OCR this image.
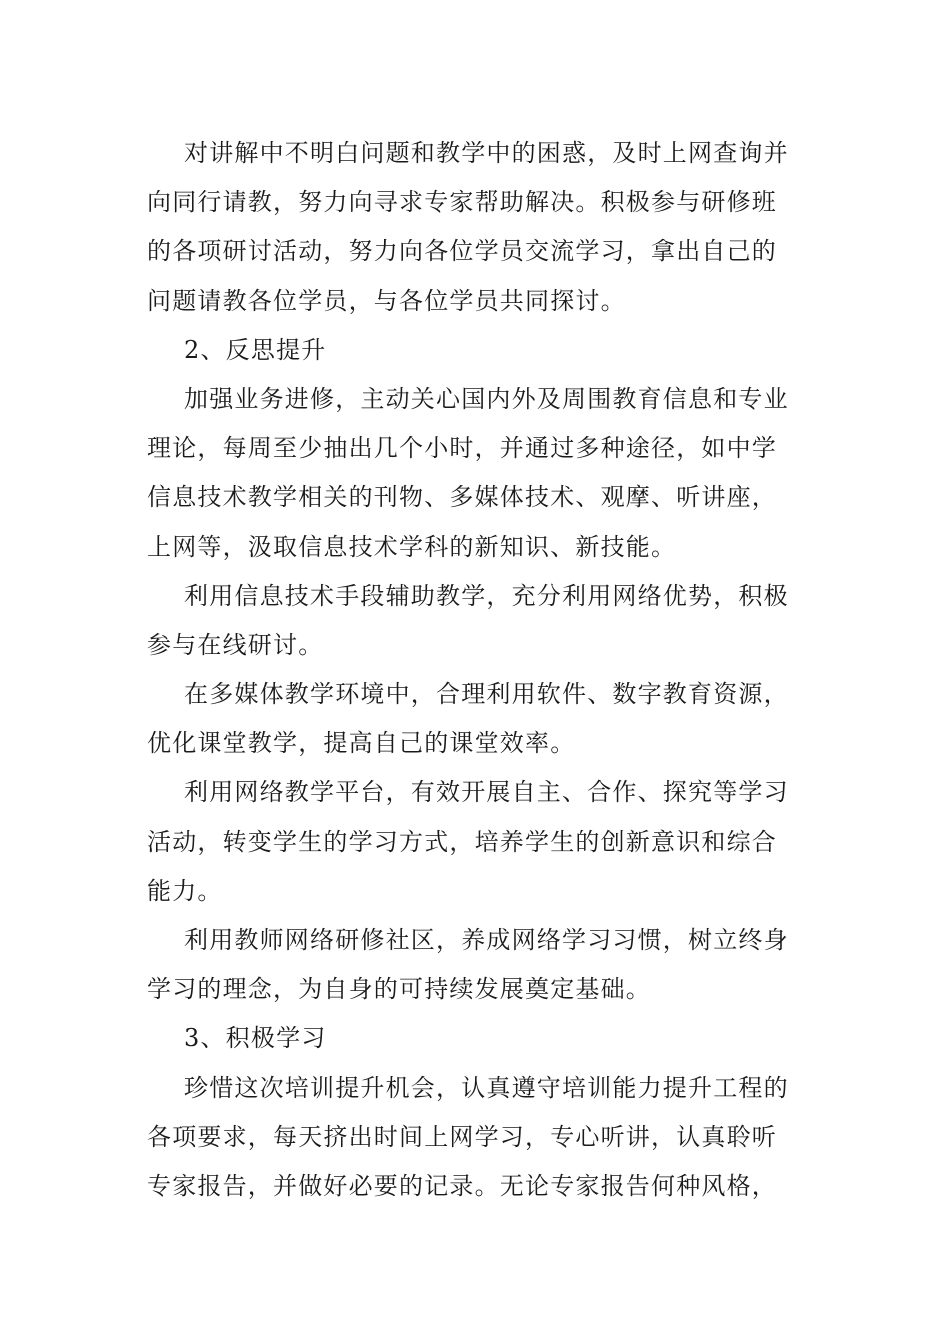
对讲解中不明白问题和教学中的困惑，及时上网查询并
向同行请教，努力向寻求专家帮助解决。积极参与研修班
的各项研讨活动，努力向各位学员交流学习，拿出自己的
问题请教各位学员，与各位学员共同探讨。
2、反思提升
加强业务进修，主动关心国内外及周围教育信息和专业
理论，每周至少抽出几个小时，并通过多种途径，如中学
信息技术教学相关的刊物、多媒体技术、观摩、听讲座，
上网等，汲取信息技术学科的新知识、新技能。
利用信息技术手段辅助教学，充分利用网络优势，积极
参与在线研讨。
在多媒体教学环境中，合理利用软件、数字教育资源，
优化课堂教学，提高自己的课堂效率。
利用网络教学平台，有效开展自主、合作、探究等学习
活动，转变学生的学习方式，培养学生的创新意识和综合
能力。
利用教师网络研修社区，养成网络学习习惯，树立终身
学习的理念，为自身的可持续发展奠定基础。
3、积极学习
珍惜这次培训提升机会，认真遵守培训能力提升工程的
各项要求，每天挤出时间上网学习，专心听讲，认真聆听
专家报告，并做好必要的记录。无论专家报告何种风格，
